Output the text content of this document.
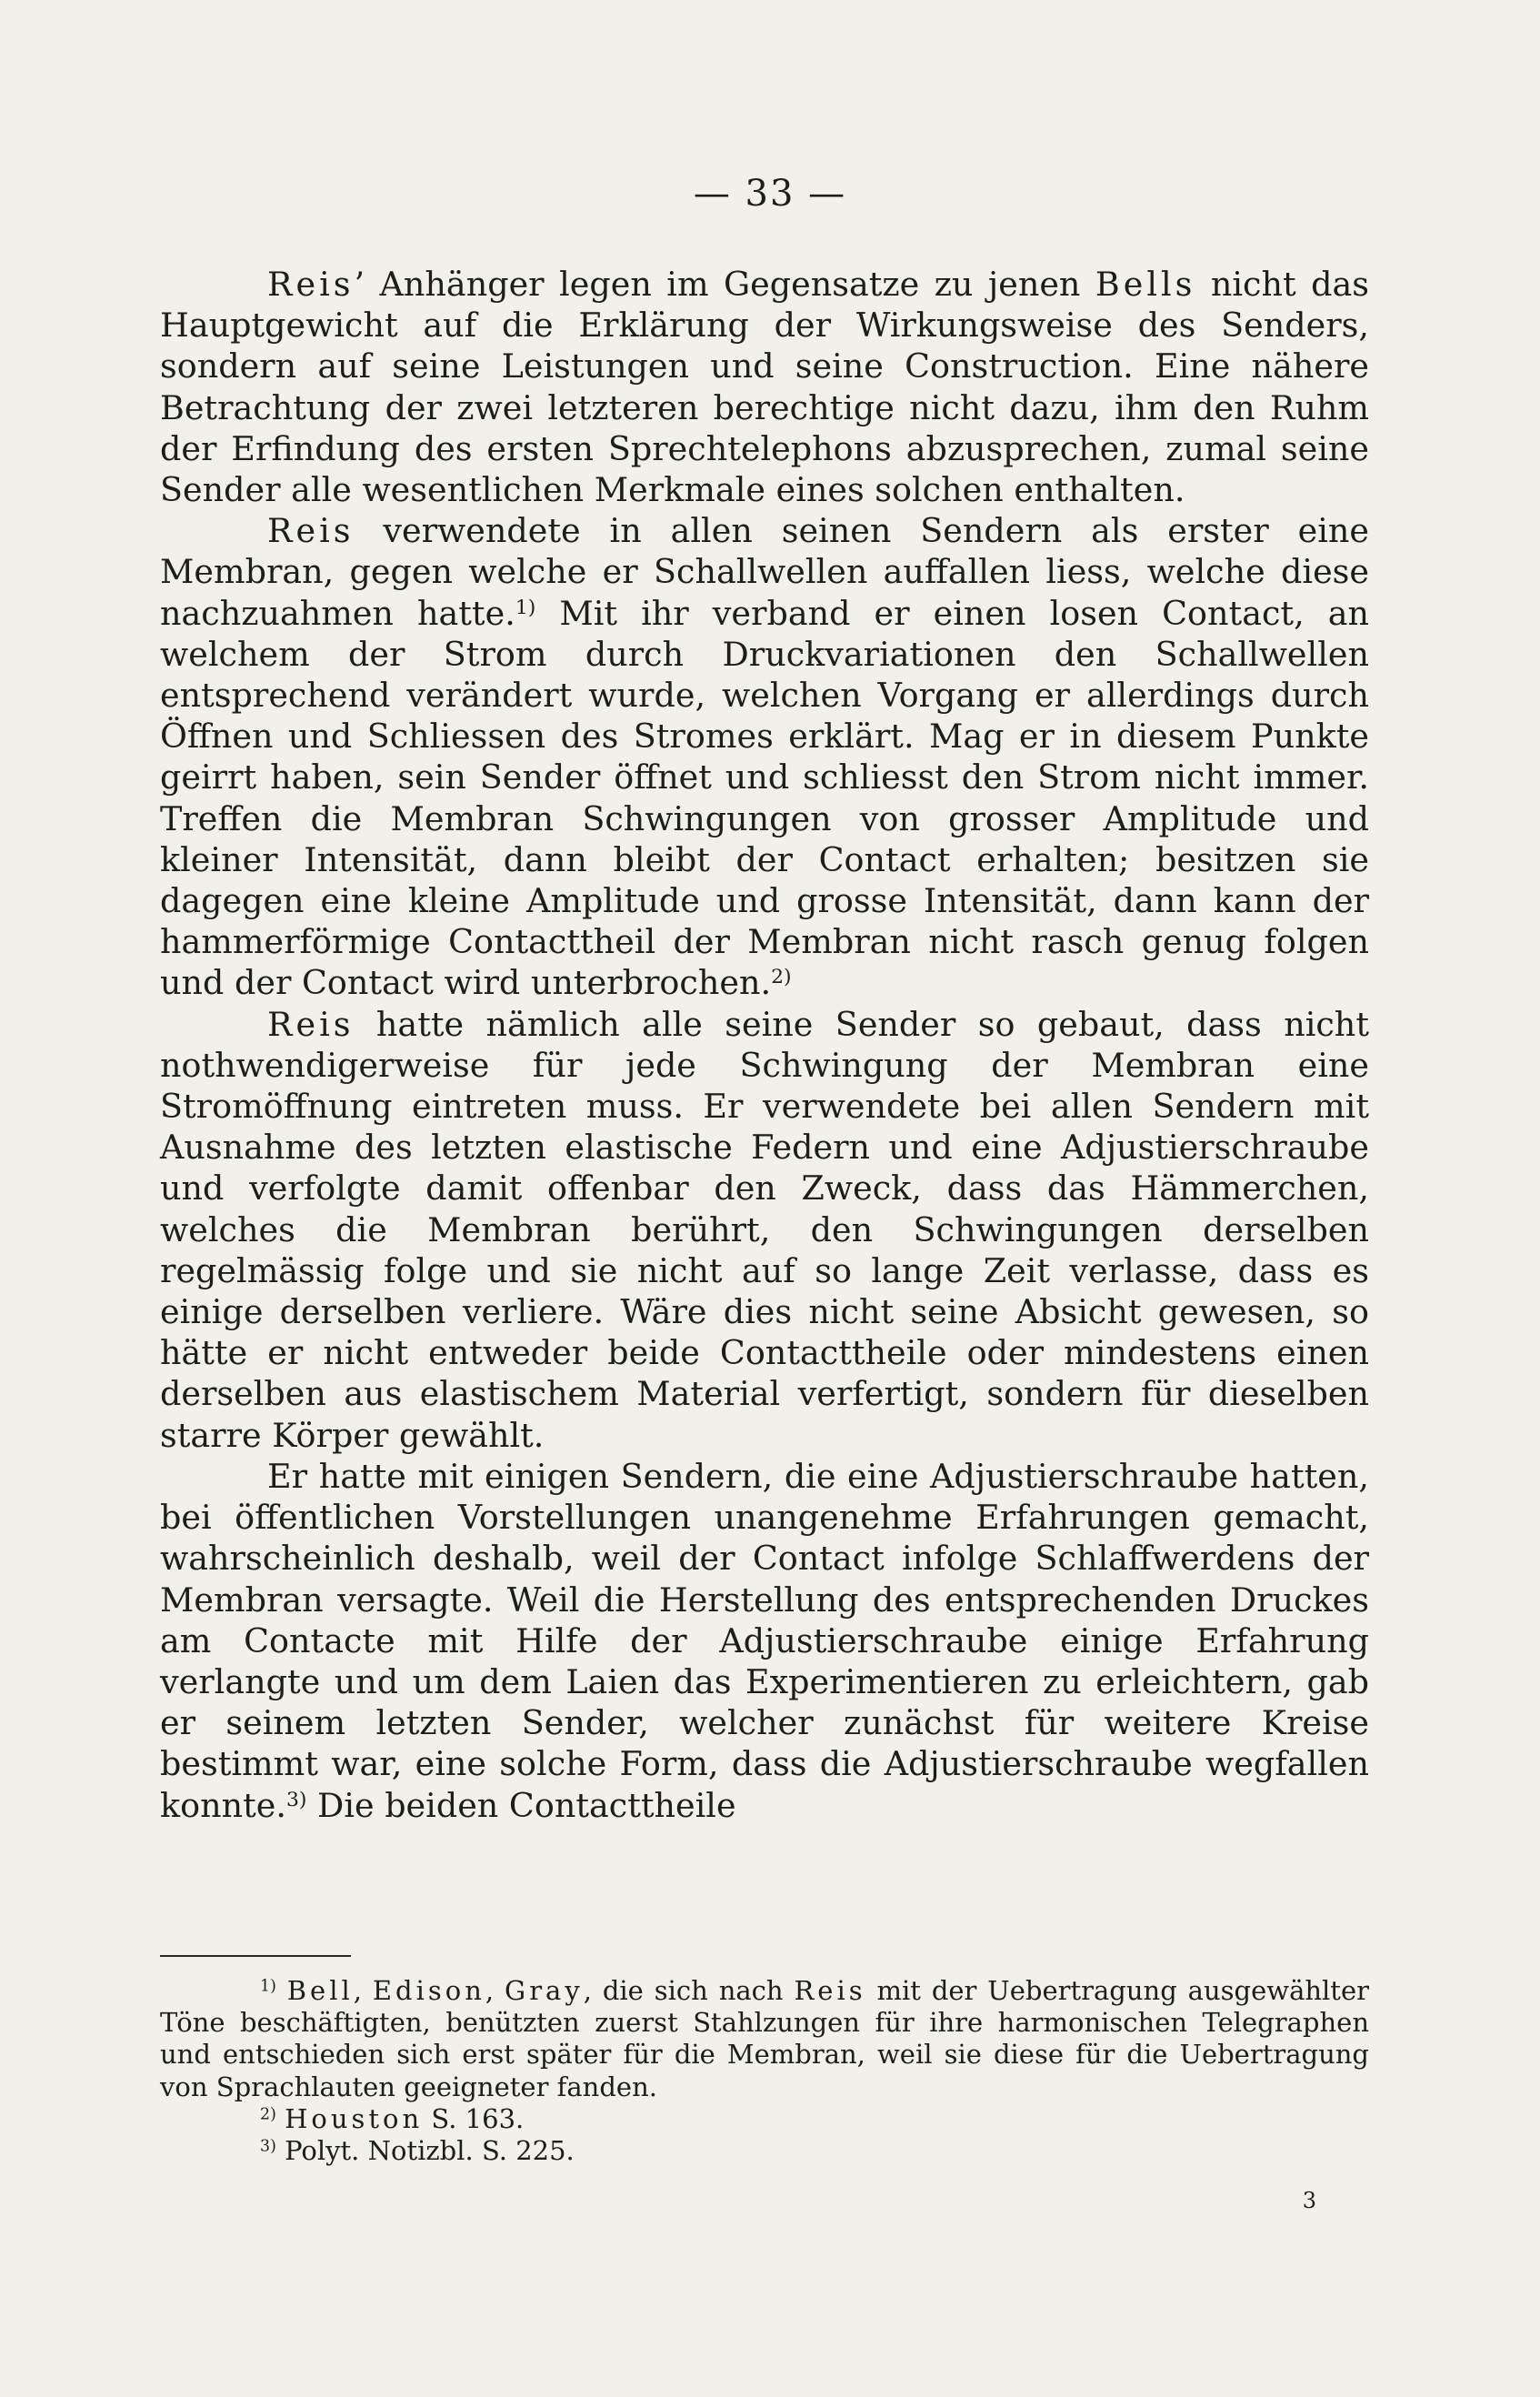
— 33 —

Reis’ Anhänger legen im Gegensatze zu jenen Bells nicht das Hauptgewicht auf die Erklärung der Wirkungsweise des Senders, sondern auf seine Leistungen und seine Construction. Eine nähere Betrachtung der zwei letzteren berechtige nicht dazu, ihm den Ruhm der Erfindung des ersten Sprechtelephons abzusprechen, zumal seine Sender alle wesentlichen Merkmale eines solchen enthalten.

Reis verwendete in allen seinen Sendern als erster eine Membran, gegen welche er Schallwellen auffallen liess, welche diese nachzuahmen hatte.$^{1)}$ Mit ihr verband er einen losen Contact, an welchem der Strom durch Druckvariationen den Schallwellen entsprechend verändert wurde, welchen Vorgang er allerdings durch Öffnen und Schliessen des Stromes erklärt. Mag er in diesem Punkte geirrt haben, sein Sender öffnet und schliesst den Strom nicht immer. Treffen die Membran Schwingungen von grosser Amplitude und kleiner Intensität, dann bleibt der Contact erhalten; besitzen sie dagegen eine kleine Amplitude und grosse Intensität, dann kann der hammerförmige Contacttheil der Membran nicht rasch genug folgen und der Contact wird unterbrochen.$^{2)}$

Reis hatte nämlich alle seine Sender so gebaut, dass nicht nothwendigerweise für jede Schwingung der Membran eine Stromöffnung eintreten muss. Er verwendete bei allen Sendern mit Ausnahme des letzten elastische Federn und eine Adjustierschraube und verfolgte damit offenbar den Zweck, dass das Hämmerchen, welches die Membran berührt, den Schwingungen derselben regelmässig folge und sie nicht auf so lange Zeit verlasse, dass es einige derselben verliere. Wäre dies nicht seine Absicht gewesen, so hätte er nicht entweder beide Contacttheile oder mindestens einen derselben aus elastischem Material verfertigt, sondern für dieselben starre Körper gewählt.

Er hatte mit einigen Sendern, die eine Adjustierschraube hatten, bei öffentlichen Vorstellungen unangenehme Erfahrungen gemacht, wahrscheinlich deshalb, weil der Contact infolge Schlaffwerdens der Membran versagte. Weil die Herstellung des entsprechenden Druckes am Contacte mit Hilfe der Adjustierschraube einige Erfahrung verlangte und um dem Laien das Experimentieren zu erleichtern, gab er seinem letzten Sender, welcher zunächst für weitere Kreise bestimmt war, eine solche Form, dass die Adjustierschraube wegfallen konnte.$^{3)}$ Die beiden Contacttheile

$^{1)}$ Bell, Edison, Gray, die sich nach Reis mit der Uebertragung ausgewählter Töne beschäftigten, benützten zuerst Stahlzungen für ihre harmonischen Telegraphen und entschieden sich erst später für die Membran, weil sie diese für die Uebertragung von Sprachlauten geeigneter fanden.

$^{2)}$ Houston S. 163.

$^{3)}$ Polyt. Notizbl. S. 225.

3
